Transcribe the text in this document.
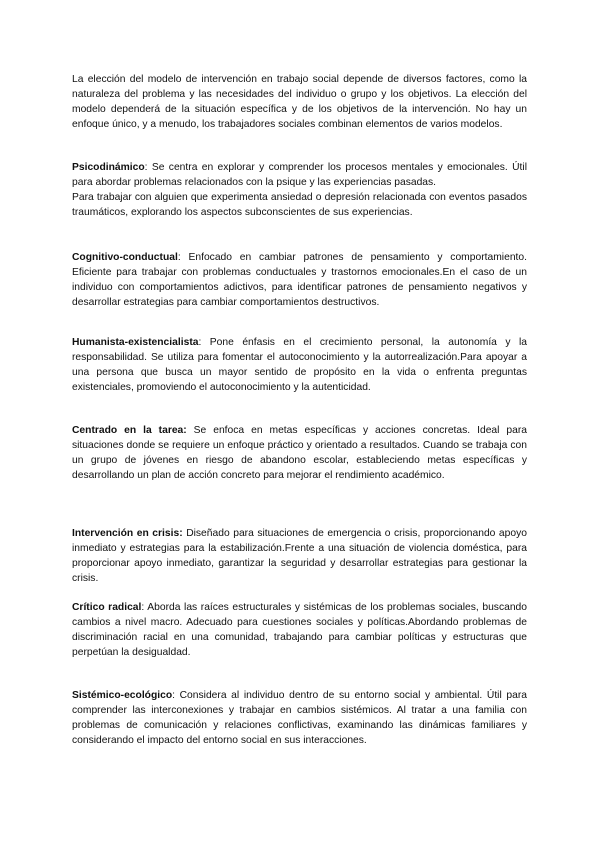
La elección del modelo de intervención en trabajo social depende de diversos factores, como la naturaleza del problema y las necesidades del individuo o grupo y los objetivos. La elección del modelo dependerá de la situación específica y de los objetivos de la intervención. No hay un enfoque único, y a menudo, los trabajadores sociales combinan elementos de varios modelos.

Psicodinámico: Se centra en explorar y comprender los procesos mentales y emocionales. Útil para abordar problemas relacionados con la psique y las experiencias pasadas.

Para trabajar con alguien que experimenta ansiedad o depresión relacionada con eventos pasados traumáticos, explorando los aspectos subconscientes de sus experiencias.

Cognitivo-conductual: Enfocado en cambiar patrones de pensamiento y comportamiento. Eficiente para trabajar con problemas conductuales y trastornos emocionales.En el caso de un individuo con comportamientos adictivos, para identificar patrones de pensamiento negativos y desarrollar estrategias para cambiar comportamientos destructivos.

Humanista-existencialista: Pone énfasis en el crecimiento personal, la autonomía y la responsabilidad. Se utiliza para fomentar el autoconocimiento y la autorrealización.Para apoyar a una persona que busca un mayor sentido de propósito en la vida o enfrenta preguntas existenciales, promoviendo el autoconocimiento y la autenticidad.

Centrado en la tarea: Se enfoca en metas específicas y acciones concretas. Ideal para situaciones donde se requiere un enfoque práctico y orientado a resultados. Cuando se trabaja con un grupo de jóvenes en riesgo de abandono escolar, estableciendo metas específicas y desarrollando un plan de acción concreto para mejorar el rendimiento académico.

Intervención en crisis: Diseñado para situaciones de emergencia o crisis, proporcionando apoyo inmediato y estrategias para la estabilización.Frente a una situación de violencia doméstica, para proporcionar apoyo inmediato, garantizar la seguridad y desarrollar estrategias para gestionar la crisis.

Crítico radical: Aborda las raíces estructurales y sistémicas de los problemas sociales, buscando cambios a nivel macro. Adecuado para cuestiones sociales y políticas.Abordando problemas de discriminación racial en una comunidad, trabajando para cambiar políticas y estructuras que perpetúan la desigualdad.

Sistémico-ecológico: Considera al individuo dentro de su entorno social y ambiental. Útil para comprender las interconexiones y trabajar en cambios sistémicos. Al tratar a una familia con problemas de comunicación y relaciones conflictivas, examinando las dinámicas familiares y considerando el impacto del entorno social en sus interacciones.
